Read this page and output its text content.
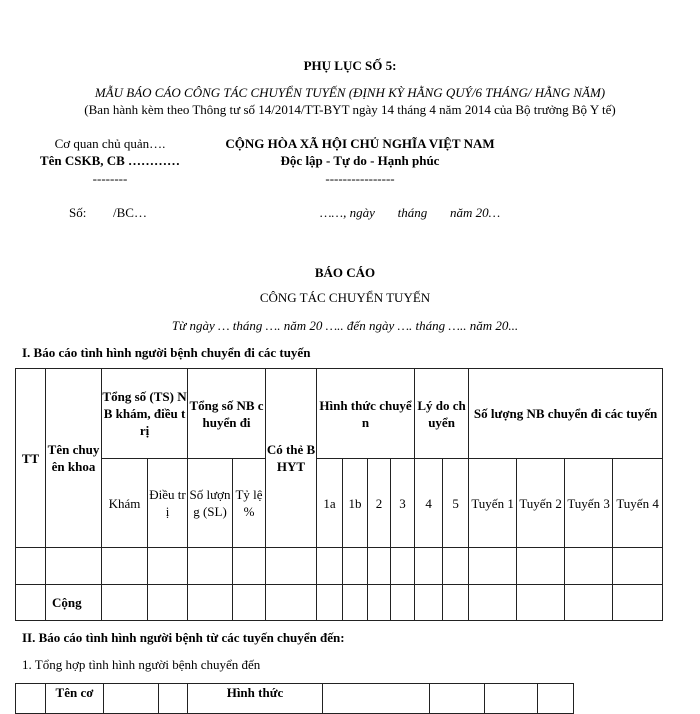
PHỤ LỤC SỐ 5:
MẪU BÁO CÁO CÔNG TÁC CHUYỂN TUYẾN (ĐỊNH KỲ HẰNG QUÝ/6 THÁNG/ HẰNG NĂM)
(Ban hành kèm theo Thông tư số 14/2014/TT-BYT ngày 14 tháng 4 năm 2014 của Bộ trưởng Bộ Y tế)
Cơ quan chủ quản….
Tên CSKB, CB …………
--------
Số: /BC…
CỘNG HÒA XÃ HỘI CHỦ NGHĨA VIỆT NAM
Độc lập - Tự do - Hạnh phúc
----------------
……, ngày       tháng       năm 20…
BÁO CÁO
CÔNG TÁC CHUYỂN TUYẾN
Từ ngày … tháng …. năm 20 ….. đến ngày …. tháng ….. năm 20...
I. Báo cáo tình hình người bệnh chuyển đi các tuyến
TT	Tên chuyên khoa	Tổng số (TS) NB khám, điều trị		Tổng số NB chuyển đi		Có thẻ BHYT	Hình thức chuyển				Lý do chuyển		Số lượng NB chuyển đi các tuyến			
		Khám	Điều trị	Số lượng (SL)	Tỷ lệ %		1a	1b	2	3	4	5	Tuyến 1	Tuyến 2	Tuyến 3	Tuyến 4

	Cộng															
II. Báo cáo tình hình người bệnh từ các tuyến chuyển đến:
1. Tổng hợp tình hình người bệnh chuyển đến
	Tên cơ			Hình thức				
